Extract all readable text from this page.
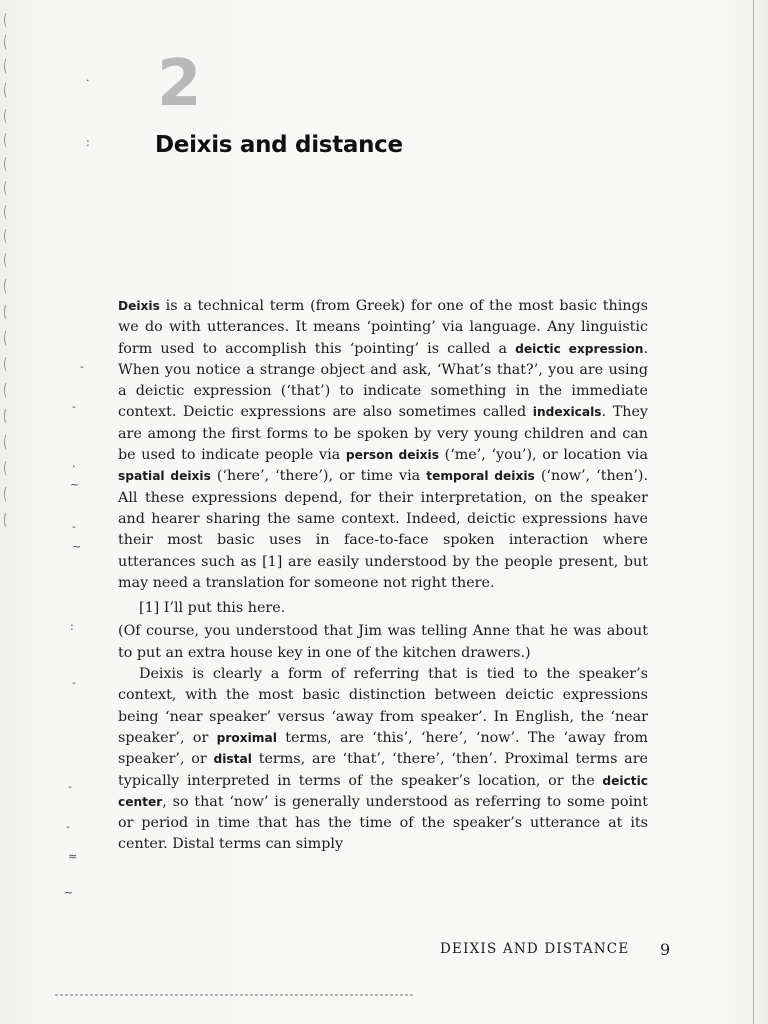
(
(
(
(
(
(
(
(
(
(
(
(
(
(
(
(
(
(
(
(
(
·
:
-
-
·
~
-
~
:
-
-
-
≈
~
2
Deixis and distance

Deixis is a technical term (from Greek) for one of the most basic things we do with utterances. It means ‘pointing’ via language. Any linguistic form used to accomplish this ‘pointing’ is called a deictic expression. When you notice a strange object and ask, ‘What’s that?’, you are using a deictic expression (‘that’) to indicate something in the immediate context. Deictic expressions are also sometimes called indexicals. They are among the first forms to be spoken by very young children and can be used to indicate people via person deixis (‘me’, ‘you’), or location via spatial deixis (‘here’, ‘there’), or time via temporal deixis (‘now’, ‘then’). All these expressions depend, for their interpretation, on the speaker and hearer sharing the same context. Indeed, deictic expressions have their most basic uses in face-to-face spoken interaction where utterances such as [1] are easily understood by the people present, but may need a translation for someone not right there.

[1] I’ll put this here.

(Of course, you understood that Jim was telling Anne that he was about to put an extra house key in one of the kitchen drawers.)

Deixis is clearly a form of referring that is tied to the speaker’s context, with the most basic distinction between deictic expressions being ‘near speaker’ versus ‘away from speaker’. In English, the ‘near speaker’, or proximal terms, are ‘this’, ‘here’, ‘now’. The ‘away from speaker’, or distal terms, are ‘that’, ‘there’, ‘then’. Proximal terms are typically interpreted in terms of the speaker’s location, or the deictic center, so that ‘now’ is generally understood as referring to some point or period in time that has the time of the speaker’s utterance at its center. Distal terms can simply

DEIXIS AND DISTANCE 9
